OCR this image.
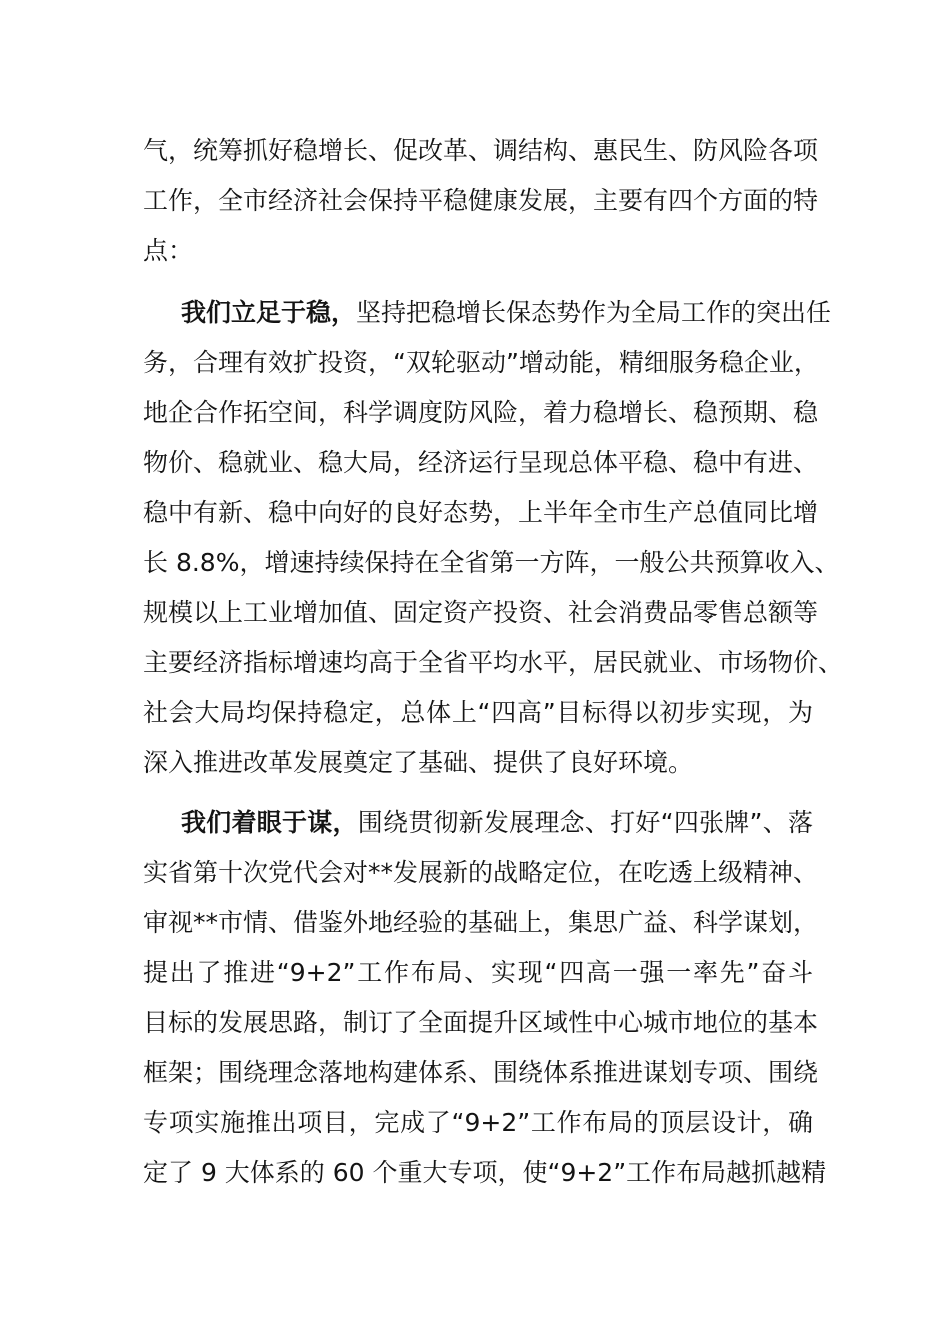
气，统筹抓好稳增长、促改革、调结构、惠民生、防风险各项
工作，全市经济社会保持平稳健康发展，主要有四个方面的特
点：
我们立足于稳，坚持把稳增长保态势作为全局工作的突出任
务，合理有效扩投资，“双轮驱动”增动能，精细服务稳企业，
地企合作拓空间，科学调度防风险，着力稳增长、稳预期、稳
物价、稳就业、稳大局，经济运行呈现总体平稳、稳中有进、
稳中有新、稳中向好的良好态势，上半年全市生产总值同比增
长 8.8%，增速持续保持在全省第一方阵，一般公共预算收入、
规模以上工业增加值、固定资产投资、社会消费品零售总额等
主要经济指标增速均高于全省平均水平，居民就业、市场物价、
社会大局均保持稳定，总体上“四高”目标得以初步实现，为
深入推进改革发展奠定了基础、提供了良好环境。
我们着眼于谋，围绕贯彻新发展理念、打好“四张牌”、落
实省第十次党代会对**发展新的战略定位，在吃透上级精神、
审视**市情、借鉴外地经验的基础上，集思广益、科学谋划，
提出了推进“9+2”工作布局、实现“四高一强一率先”奋斗
目标的发展思路，制订了全面提升区域性中心城市地位的基本
框架；围绕理念落地构建体系、围绕体系推进谋划专项、围绕
专项实施推出项目，完成了“9+2”工作布局的顶层设计，确
定了 9 大体系的 60 个重大专项，使“9+2”工作布局越抓越精
